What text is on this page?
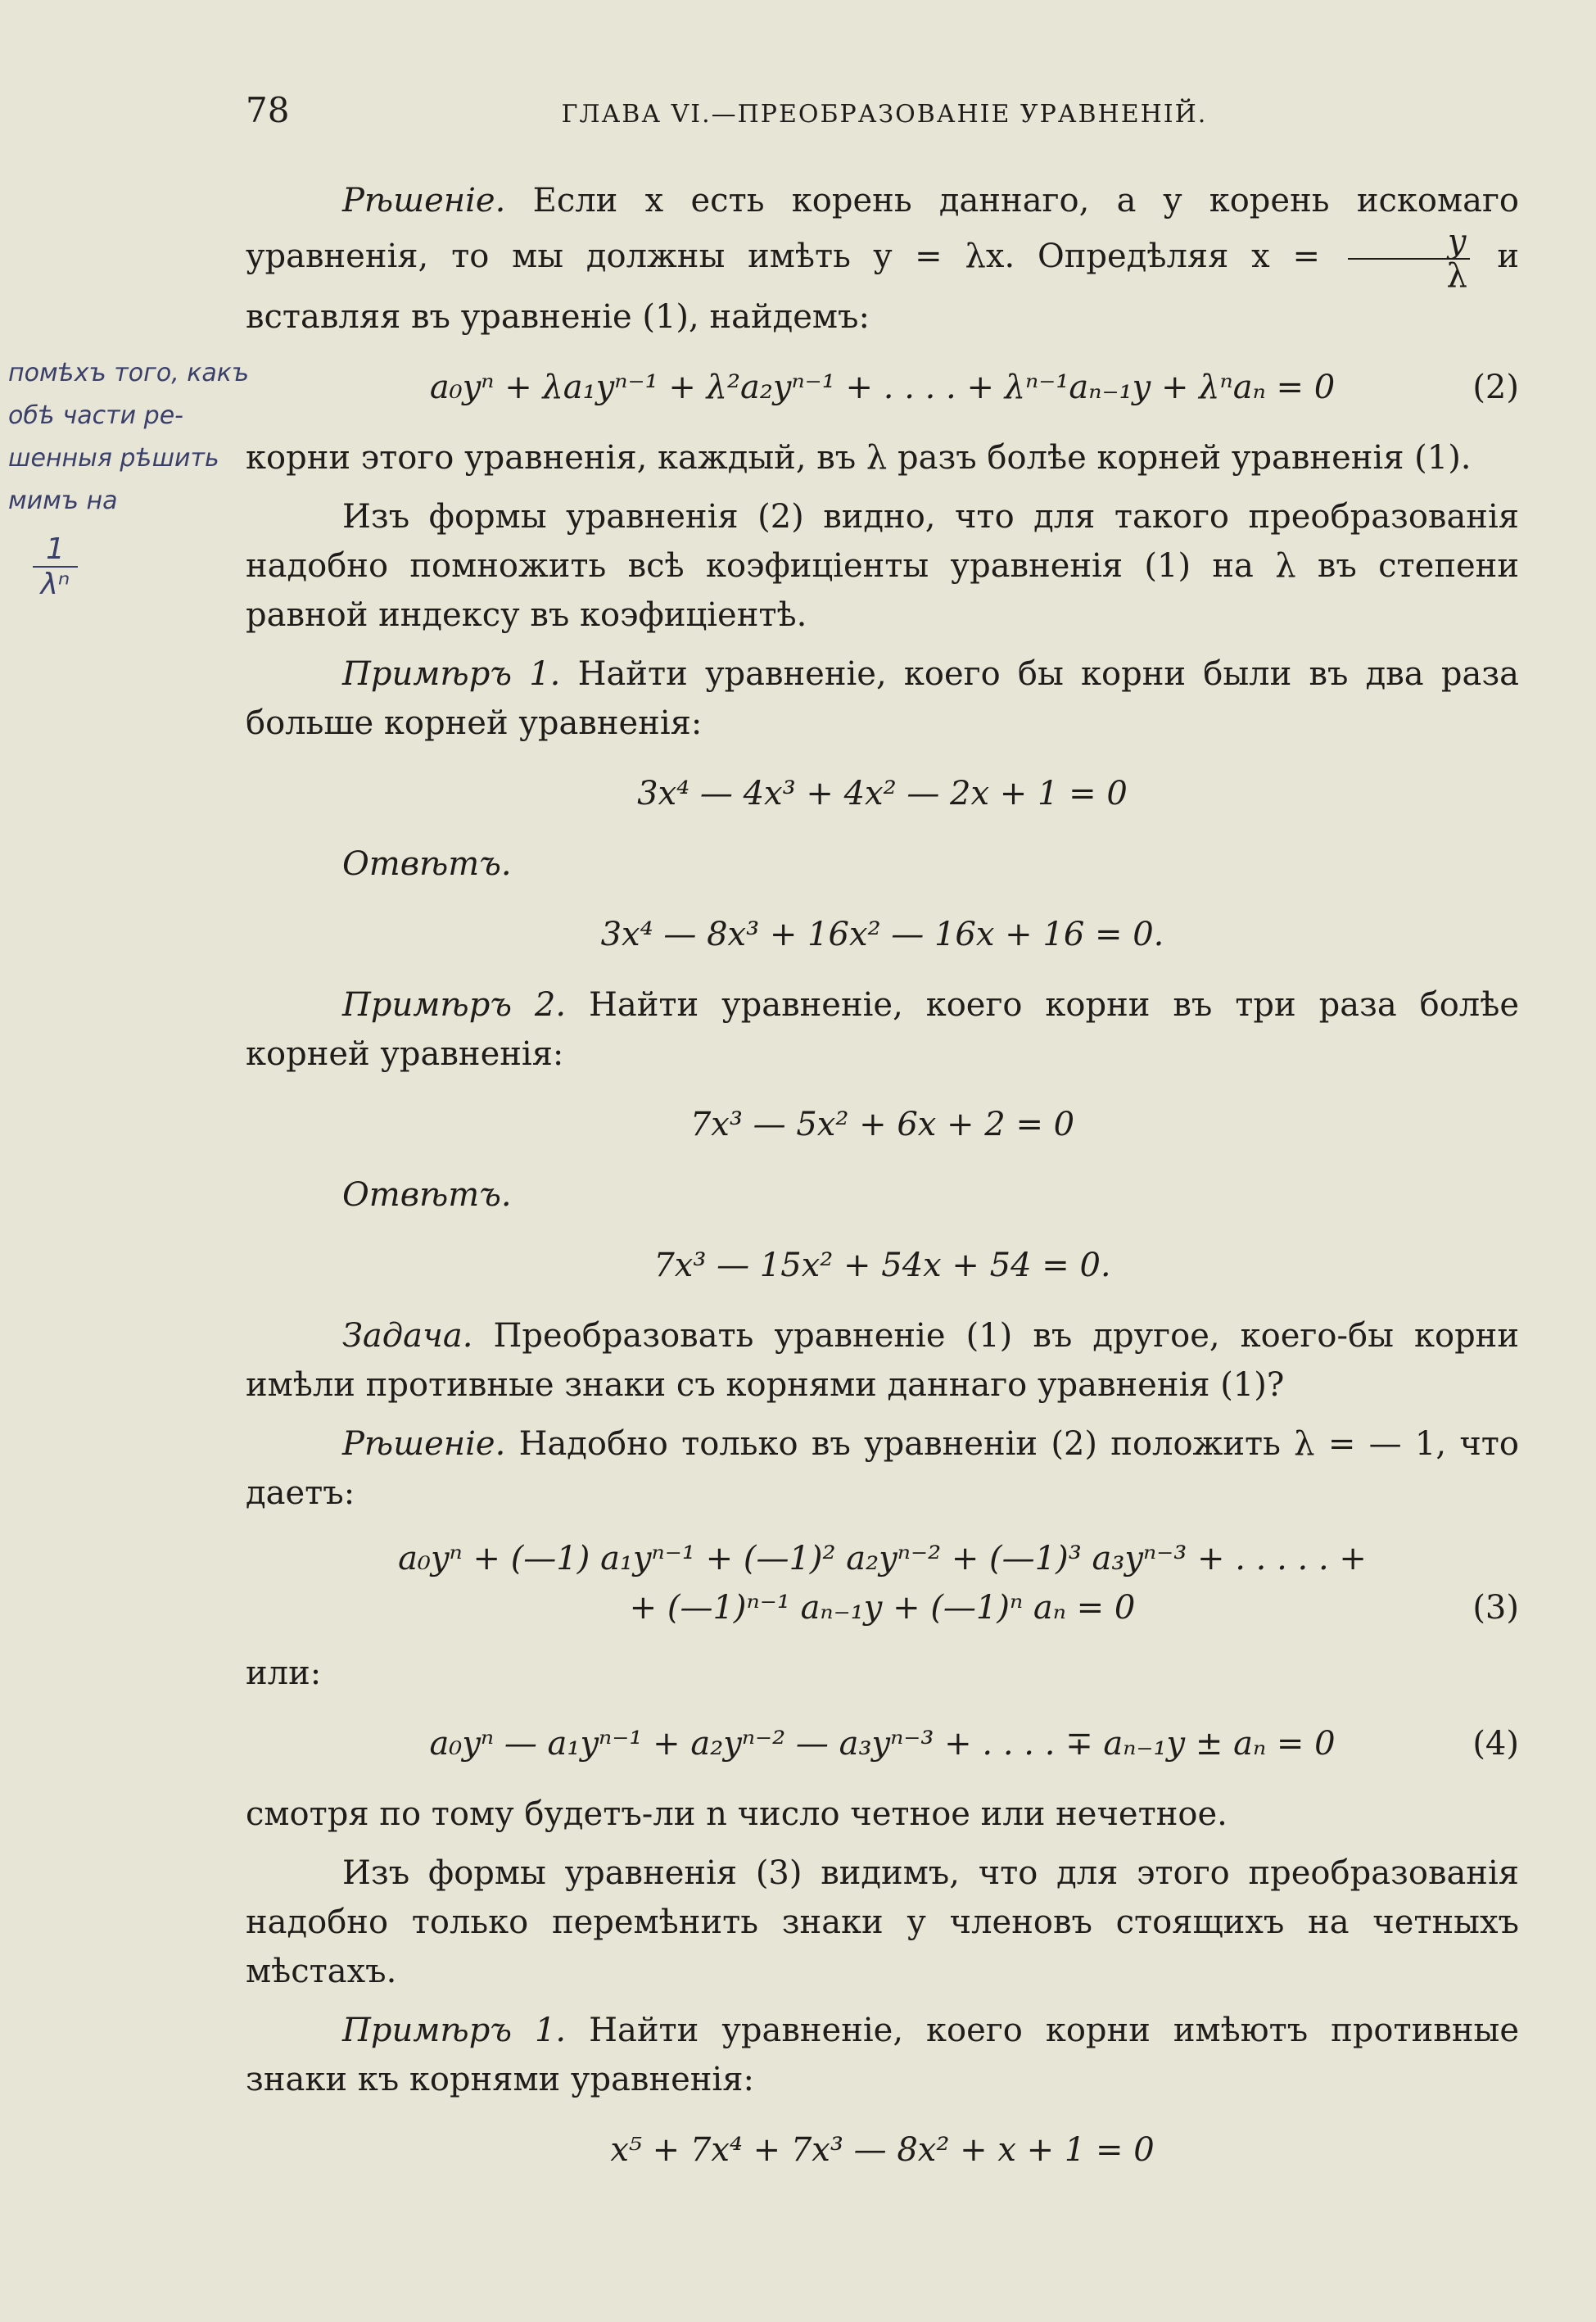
78	ГЛАВА VI.—ПРЕОБРАЗОВАНІЕ УРАВНЕНІЙ.
помѣхъ того, какъ
обѣ части ре-
шенныя рѣшить
мимъ на
$\frac{1}{\text{λⁿ}}$

Рѣшеніе. Если x есть корень даннаго, а y корень искомаго уравненія, то мы должны имѣть y = λx. Опредѣляя $x = \frac{y}{\lambda}$ и вставляя въ уравненіе (1), найдемъ:

a₀yⁿ + λa₁yⁿ⁻¹ + λ²a₂yⁿ⁻¹ + . . . . + λⁿ⁻¹aₙ₋₁y + λⁿaₙ = 0	(2)

корни этого уравненія, каждый, въ λ разъ болѣе корней уравненія (1).

Изъ формы уравненія (2) видно, что для такого преобразованія надобно помножить всѣ коэфиціенты уравненія (1) на λ въ степени равной индексу въ коэфиціентѣ.

Примѣръ 1. Найти уравненіе, коего бы корни были въ два раза больше корней уравненія:

3x⁴ — 4x³ + 4x² — 2x + 1 = 0
Отвѣтъ.
3x⁴ — 8x³ + 16x² — 16x + 16 = 0.

Примѣръ 2. Найти уравненіе, коего корни въ три раза болѣе корней уравненія:

7x³ — 5x² + 6x + 2 = 0
Отвѣтъ.
7x³ — 15x² + 54x + 54 = 0.

Задача. Преобразовать уравненіе (1) въ другое, коего-бы корни имѣли противные знаки съ корнями даннаго уравненія (1)?

Рѣшеніе. Надобно только въ уравненіи (2) положить λ = — 1, что даетъ:

a₀yⁿ + (—1) a₁yⁿ⁻¹ + (—1)² a₂yⁿ⁻² + (—1)³ a₃yⁿ⁻³ + . . . . . +
+ (—1)ⁿ⁻¹ aₙ₋₁y + (—1)ⁿ aₙ = 0	(3)

или:

a₀yⁿ — a₁yⁿ⁻¹ + a₂yⁿ⁻² — a₃yⁿ⁻³ + . . . . ∓ aₙ₋₁y ± aₙ = 0	(4)

смотря по тому будетъ-ли n число четное или нечетное.

Изъ формы уравненія (3) видимъ, что для этого преобразованія надобно только перемѣнить знаки у членовъ стоящихъ на четныхъ мѣстахъ.

Примѣръ 1. Найти уравненіе, коего корни имѣютъ противные знаки къ корнями уравненія:

x⁵ + 7x⁴ + 7x³ — 8x² + x + 1 = 0
